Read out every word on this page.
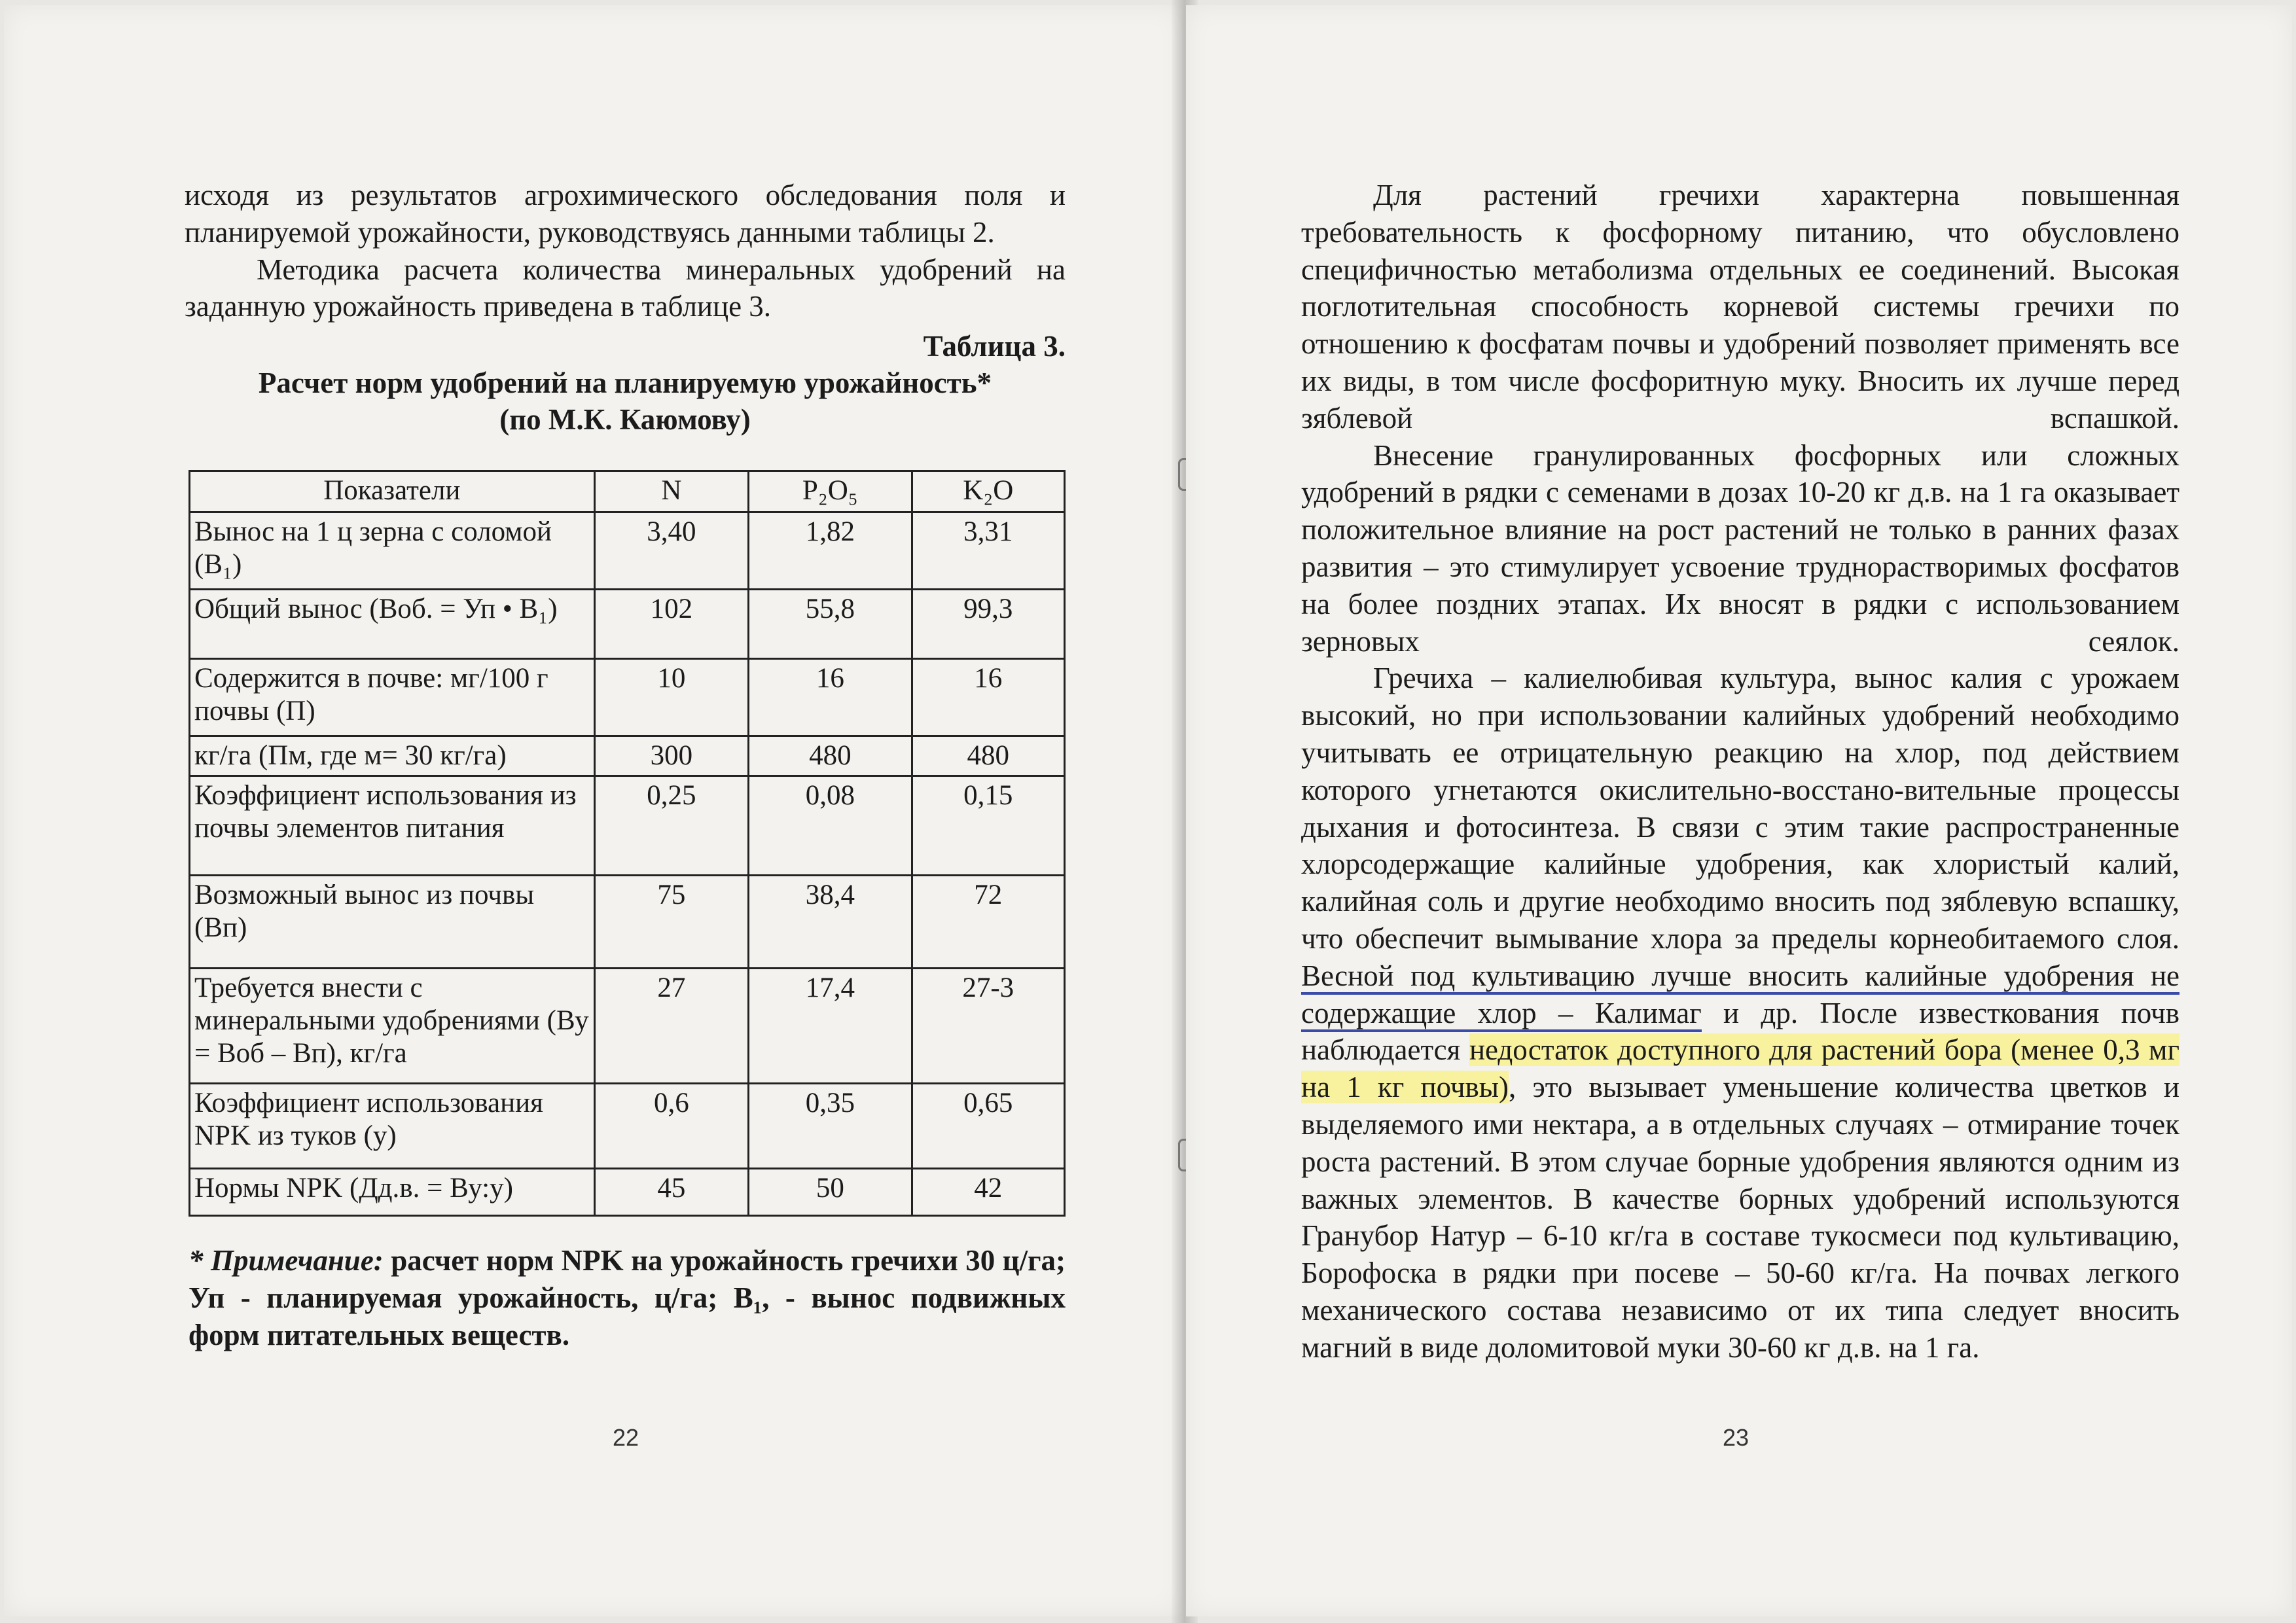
исходя из результатов агрохимического обследования поля и планируемой урожайности, руководствуясь данными таблицы 2.

Методика расчета количества минеральных удобрений на заданную урожайность приведена в таблице 3.

Таблица 3.

Расчет норм удобрений на планируемую урожайность*

(по М.К. Каюмову)

Показатели	N	P₂O₅	K₂O
Вынос на 1 ц зерна с соломой (В₁)	3,40	1,82	3,31
Общий вынос (Воб. = Уп • В₁)	102	55,8	99,3
Содержится в почве: мг/100 г почвы (П)	10	16	16
кг/га (Пм, где м= 30 кг/га)	300	480	480
Коэффициент использования из почвы элементов питания	0,25	0,08	0,15
Возможный вынос из почвы (Вп)	75	38,4	72
Требуется внести с минеральными удобрениями (Ву = Воб – Вп), кг/га	27	17,4	27-3
Коэффициент использования NPK из туков (у)	0,6	0,35	0,65
Нормы NPK (Дд.в. = Ву:у)	45	50	42
* Примечание: расчет норм NPK на урожайность гречихи 30 ц/га; Уп - планируемая урожайность, ц/га; В₁, - вынос подвижных форм питательных веществ.
22

Для растений гречихи характерна повышенная требовательность к фосфорному питанию, что обусловлено специфичностью метаболизма отдельных ее соединений. Высокая поглотительная способность корневой системы гречихи по отношению к фосфатам почвы и удобрений позволяет применять все их виды, в том числе фосфоритную муку. Вносить их лучше перед зяблевой вспашкой.

Внесение гранулированных фосфорных или сложных удобрений в рядки с семенами в дозах 10-20 кг д.в. на 1 га оказывает положительное влияние на рост растений не только в ранних фазах развития – это стимулирует усвоение труднорастворимых фосфатов на более поздних этапах. Их вносят в рядки с использованием зерновых сеялок.

Гречиха – калиелюбивая культура, вынос калия с урожаем высокий, но при использовании калийных удобрений необходимо учитывать ее отрицательную реакцию на хлор, под действием которого угнетаются окислительно-восстано-вительные процессы дыхания и фотосинтеза. В связи с этим такие распространенные хлорсодержащие калийные удобрения, как хлористый калий, калийная соль и другие необходимо вносить под зяблевую вспашку, что обеспечит вымывание хлора за пределы корнеобитаемого слоя. Весной под культивацию лучше вносить калийные удобрения не содержащие хлор – Калимаг и др. После известкования почв наблюдается недостаток доступного для растений бора (менее 0,3 мг на 1 кг почвы), это вызывает уменьшение количества цветков и выделяемого ими нектара, а в отдельных случаях – отмирание точек роста растений. В этом случае борные удобрения являются одним из важных элементов. В качестве борных удобрений используются Гранубор Натур – 6-10 кг/га в составе тукосмеси под культивацию, Борофоска в рядки при посеве – 50-60 кг/га. На почвах легкого механического состава независимо от их типа следует вносить магний в виде доломитовой муки 30-60 кг д.в. на 1 га.

23
